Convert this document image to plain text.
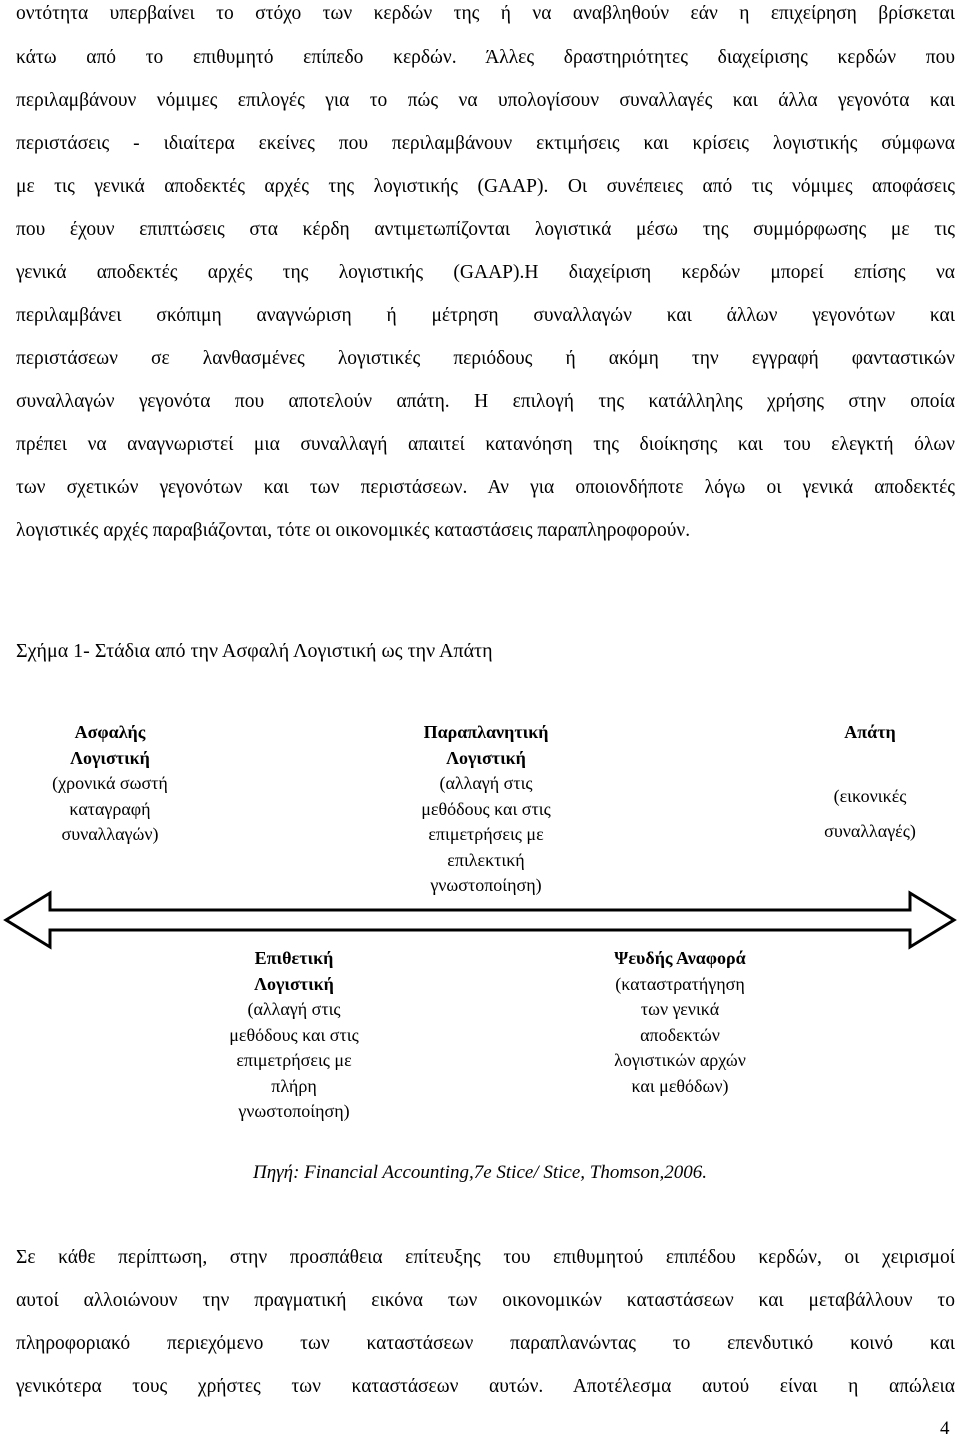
οντότητα υπερβαίνει το στόχο των κερδών της ή να αναβληθούν εάν η επιχείρηση βρίσκεται
κάτω από το επιθυμητό επίπεδο κερδών. Άλλες δραστηριότητες διαχείρισης κερδών που
περιλαμβάνουν νόμιμες επιλογές για το πώς να υπολογίσουν συναλλαγές και άλλα γεγονότα και
περιστάσεις - ιδιαίτερα εκείνες που περιλαμβάνουν εκτιμήσεις και κρίσεις λογιστικής σύμφωνα
με τις γενικά αποδεκτές αρχές της λογιστικής (GAAP). Οι συνέπειες από τις νόμιμες αποφάσεις
που έχουν επιπτώσεις στα κέρδη αντιμετωπίζονται λογιστικά μέσω της συμμόρφωσης με τις
γενικά αποδεκτές αρχές της λογιστικής (GAAP).Η διαχείριση κερδών μπορεί επίσης να
περιλαμβάνει σκόπιμη αναγνώριση ή μέτρηση συναλλαγών και άλλων γεγονότων και
περιστάσεων σε λανθασμένες λογιστικές περιόδους ή ακόμη την εγγραφή φανταστικών
συναλλαγών γεγονότα που αποτελούν απάτη. Η επιλογή της κατάλληλης χρήσης στην οποία
πρέπει να αναγνωριστεί μια συναλλαγή απαιτεί κατανόηση της διοίκησης και του ελεγκτή όλων
των σχετικών γεγονότων και των περιστάσεων. Αν για οποιονδήποτε λόγω οι γενικά αποδεκτές
λογιστικές αρχές παραβιάζονται, τότε οι οικονομικές καταστάσεις παραπληροφορούν.
Σχήμα 1- Στάδια από την Ασφαλή Λογιστική ως την Απάτη
Ασφαλής
Λογιστική
(χρονικά σωστή
καταγραφή
συναλλαγών)
Παραπλανητική
Λογιστική
(αλλαγή στις
μεθόδους και στις
επιμετρήσεις με
επιλεκτική
γνωστοποίηση)
Απάτη
(εικονικές
συναλλαγές)
Επιθετική
Λογιστική
(αλλαγή στις
μεθόδους και στις
επιμετρήσεις με
πλήρη
γνωστοποίηση)
Ψευδής Αναφορά
(καταστρατήγηση
των γενικά
αποδεκτών
λογιστικών αρχών
και μεθόδων)
Πηγή: Financial Accounting,7e Stice/ Stice, Thomson,2006.
Σε κάθε περίπτωση, στην προσπάθεια επίτευξης του επιθυμητού επιπέδου κερδών, οι χειρισμοί
αυτοί αλλοιώνουν την πραγματική εικόνα των οικονομικών καταστάσεων και μεταβάλλουν το
πληροφοριακό περιεχόμενο των καταστάσεων παραπλανώντας το επενδυτικό κοινό και
γενικότερα τους χρήστες των καταστάσεων αυτών. Αποτέλεσμα αυτού είναι η απώλεια
4
